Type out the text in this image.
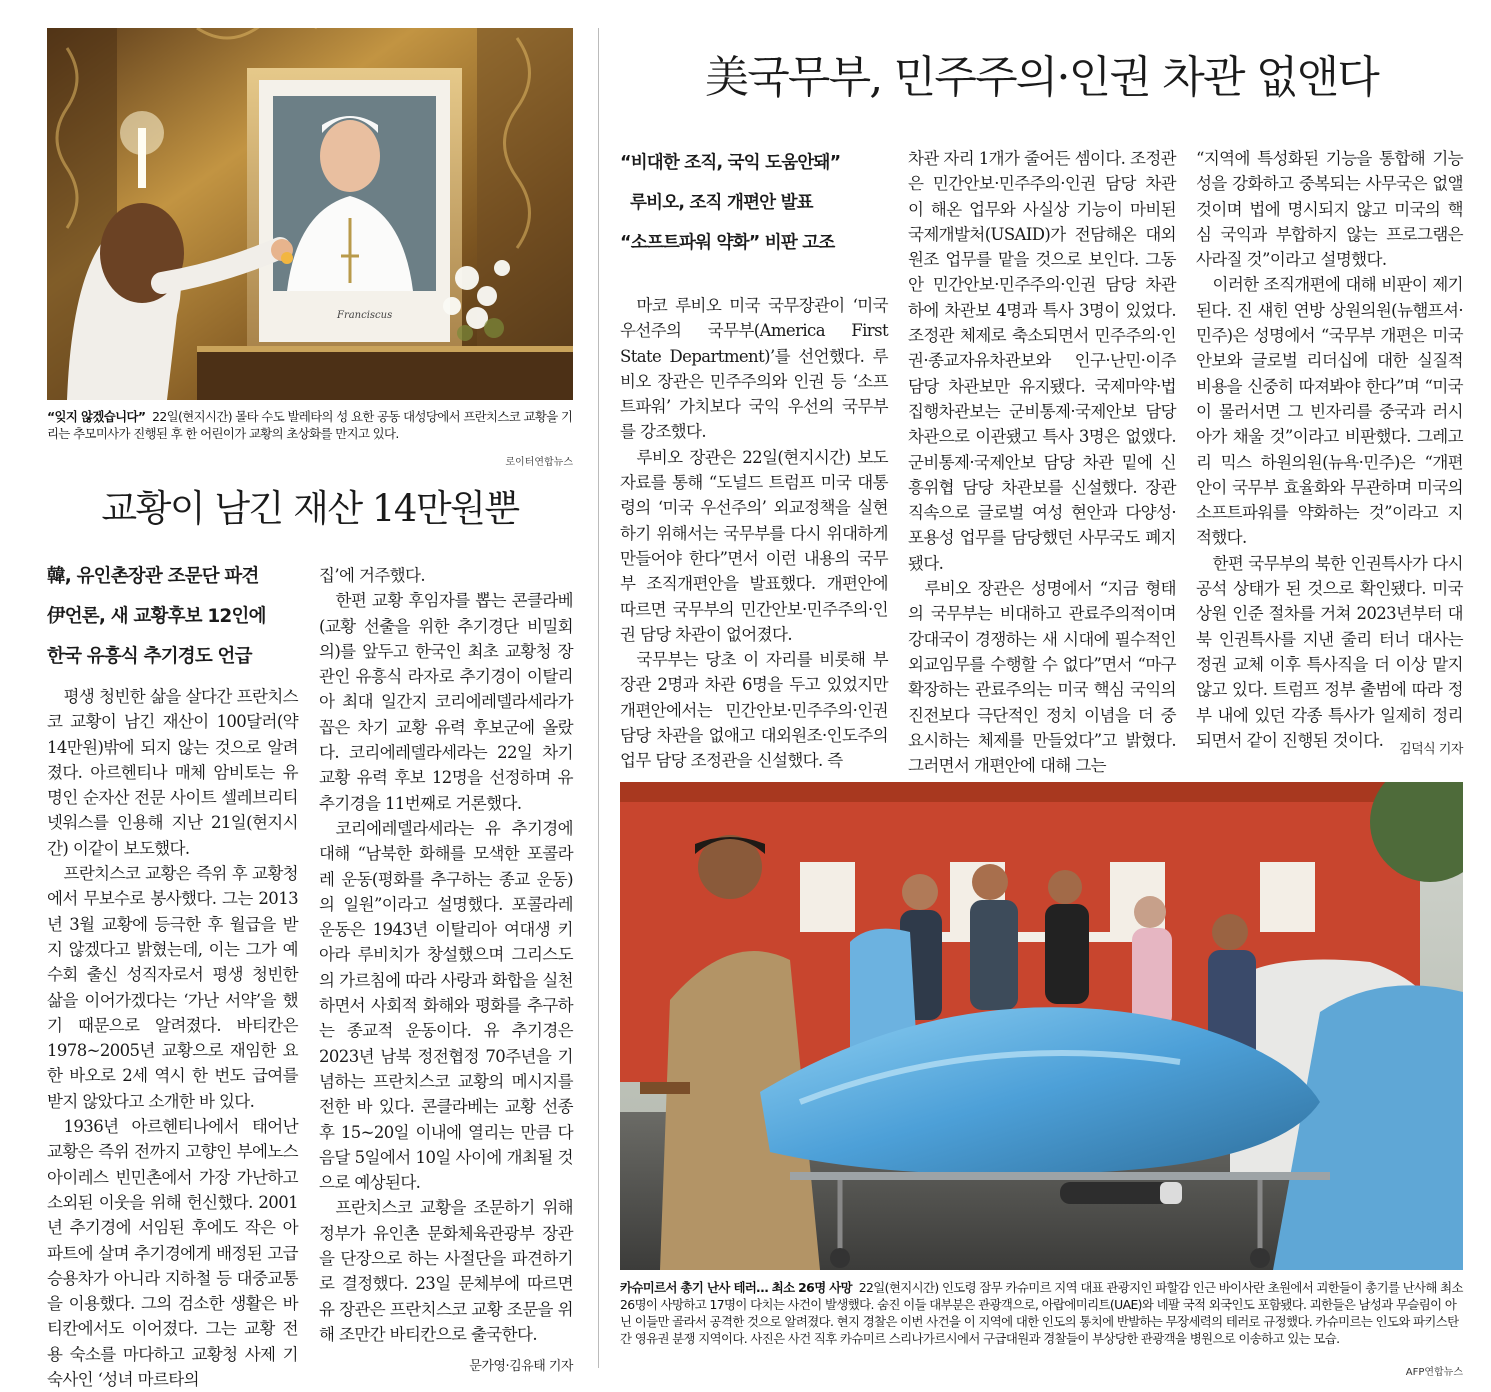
Franciscus
“잊지 않겠습니다” 22일(현지시간) 몰타 수도 발레타의 성 요한 공동 대성당에서 프란치스코 교황을 기리는 추모미사가 진행된 후 한 어린이가 교황의 초상화를 만지고 있다.
로이터연합뉴스
교황이 남긴 재산 14만원뿐
韓, 유인촌장관 조문단 파견
伊언론, 새 교황후보 12인에
한국 유흥식 추기경도 언급

평생 청빈한 삶을 살다간 프란치스코 교황이 남긴 재산이 100달러(약 14만원)밖에 되지 않는 것으로 알려졌다. 아르헨티나 매체 암비토는 유명인 순자산 전문 사이트 셀레브리티 넷워스를 인용해 지난 21일(현지시간) 이같이 보도했다.

프란치스코 교황은 즉위 후 교황청에서 무보수로 봉사했다. 그는 2013년 3월 교황에 등극한 후 월급을 받지 않겠다고 밝혔는데, 이는 그가 예수회 출신 성직자로서 평생 청빈한 삶을 이어가겠다는 ‘가난 서약’을 했기 때문으로 알려졌다. 바티칸은 1978~2005년 교황으로 재임한 요한 바오로 2세 역시 한 번도 급여를 받지 않았다고 소개한 바 있다.

1936년 아르헨티나에서 태어난 교황은 즉위 전까지 고향인 부에노스아이레스 빈민촌에서 가장 가난하고 소외된 이웃을 위해 헌신했다. 2001년 추기경에 서임된 후에도 작은 아파트에 살며 추기경에게 배정된 고급 승용차가 아니라 지하철 등 대중교통을 이용했다. 그의 검소한 생활은 바티칸에서도 이어졌다. 그는 교황 전용 숙소를 마다하고 교황청 사제 기숙사인 ‘성녀 마르타의

집’에 거주했다.

한편 교황 후임자를 뽑는 콘클라베(교황 선출을 위한 추기경단 비밀회의)를 앞두고 한국인 최초 교황청 장관인 유흥식 라자로 추기경이 이탈리아 최대 일간지 코리에레델라세라가 꼽은 차기 교황 유력 후보군에 올랐다. 코리에레델라세라는 22일 차기 교황 유력 후보 12명을 선정하며 유 추기경을 11번째로 거론했다.

코리에레델라세라는 유 추기경에 대해 “남북한 화해를 모색한 포콜라레 운동(평화를 추구하는 종교 운동)의 일원”이라고 설명했다. 포콜라레 운동은 1943년 이탈리아 여대생 키아라 루비치가 창설했으며 그리스도의 가르침에 따라 사랑과 화합을 실천하면서 사회적 화해와 평화를 추구하는 종교적 운동이다. 유 추기경은 2023년 남북 정전협정 70주년을 기념하는 프란치스코 교황의 메시지를 전한 바 있다. 콘클라베는 교황 선종 후 15~20일 이내에 열리는 만큼 다음달 5일에서 10일 사이에 개최될 것으로 예상된다.

프란치스코 교황을 조문하기 위해 정부가 유인촌 문화체육관광부 장관을 단장으로 하는 사절단을 파견하기로 결정했다. 23일 문체부에 따르면 유 장관은 프란치스코 교황 조문을 위해 조만간 바티칸으로 출국한다.

문가영·김유태 기자
美국무부, 민주주의·인권 차관 없앤다
“비대한 조직, 국익 도움안돼”
루비오, 조직 개편안 발표
“소프트파워 약화” 비판 고조

마코 루비오 미국 국무장관이 ‘미국 우선주의 국무부(America First State Department)’를 선언했다. 루비오 장관은 민주주의와 인권 등 ‘소프트파워’ 가치보다 국익 우선의 국무부를 강조했다.

루비오 장관은 22일(현지시간) 보도자료를 통해 “도널드 트럼프 미국 대통령의 ‘미국 우선주의’ 외교정책을 실현하기 위해서는 국무부를 다시 위대하게 만들어야 한다”면서 이런 내용의 국무부 조직개편안을 발표했다. 개편안에 따르면 국무부의 민간안보·민주주의·인권 담당 차관이 없어졌다.

국무부는 당초 이 자리를 비롯해 부장관 2명과 차관 6명을 두고 있었지만 개편안에서는 민간안보·민주주의·인권 담당 차관을 없애고 대외원조·인도주의 업무 담당 조정관을 신설했다. 즉

차관 자리 1개가 줄어든 셈이다. 조정관은 민간안보·민주주의·인권 담당 차관이 해온 업무와 사실상 기능이 마비된 국제개발처(USAID)가 전담해온 대외원조 업무를 맡을 것으로 보인다. 그동안 민간안보·민주주의·인권 담당 차관하에 차관보 4명과 특사 3명이 있었다. 조정관 체제로 축소되면서 민주주의·인권·종교자유차관보와 인구·난민·이주 담당 차관보만 유지됐다. 국제마약·법집행차관보는 군비통제·국제안보 담당 차관으로 이관됐고 특사 3명은 없앴다. 군비통제·국제안보 담당 차관 밑에 신흥위협 담당 차관보를 신설했다. 장관 직속으로 글로벌 여성 현안과 다양성·포용성 업무를 담당했던 사무국도 폐지됐다.

루비오 장관은 성명에서 “지금 형태의 국무부는 비대하고 관료주의적이며 강대국이 경쟁하는 새 시대에 필수적인 외교임무를 수행할 수 없다”면서 “마구 확장하는 관료주의는 미국 핵심 국익의 진전보다 극단적인 정치 이념을 더 중요시하는 체제를 만들었다”고 밝혔다. 그러면서 개편안에 대해 그는

“지역에 특성화된 기능을 통합해 기능성을 강화하고 중복되는 사무국은 없앨 것이며 법에 명시되지 않고 미국의 핵심 국익과 부합하지 않는 프로그램은 사라질 것”이라고 설명했다.

이러한 조직개편에 대해 비판이 제기된다. 진 섀힌 연방 상원의원(뉴햄프셔·민주)은 성명에서 “국무부 개편은 미국 안보와 글로벌 리더십에 대한 실질적 비용을 신중히 따져봐야 한다”며 “미국이 물러서면 그 빈자리를 중국과 러시아가 채울 것”이라고 비판했다. 그레고리 믹스 하원의원(뉴욕·민주)은 “개편안이 국무부 효율화와 무관하며 미국의 소프트파워를 약화하는 것”이라고 지적했다.

한편 국무부의 북한 인권특사가 다시 공석 상태가 된 것으로 확인됐다. 미국 상원 인준 절차를 거쳐 2023년부터 대북 인권특사를 지낸 줄리 터너 대사는 정권 교체 이후 특사직을 더 이상 맡지 않고 있다. 트럼프 정부 출범에 따라 정부 내에 있던 각종 특사가 일제히 정리되면서 같이 진행된 것이다.	김덕식 기자
카슈미르서 총기 난사 테러… 최소 26명 사망 22일(현지시간) 인도령 잠무 카슈미르 지역 대표 관광지인 파할감 인근 바이사란 초원에서 괴한들이 총기를 난사해 최소 26명이 사망하고 17명이 다치는 사건이 발생했다. 숨진 이들 대부분은 관광객으로, 아랍에미리트(UAE)와 네팔 국적 외국인도 포함됐다. 괴한들은 남성과 무슬림이 아닌 이들만 골라서 공격한 것으로 알려졌다. 현지 경찰은 이번 사건을 이 지역에 대한 인도의 통치에 반발하는 무장세력의 테러로 규정했다. 카슈미르는 인도와 파키스탄 간 영유권 분쟁 지역이다. 사진은 사건 직후 카슈미르 스리나가르시에서 구급대원과 경찰들이 부상당한 관광객을 병원으로 이송하고 있는 모습.
AFP연합뉴스
